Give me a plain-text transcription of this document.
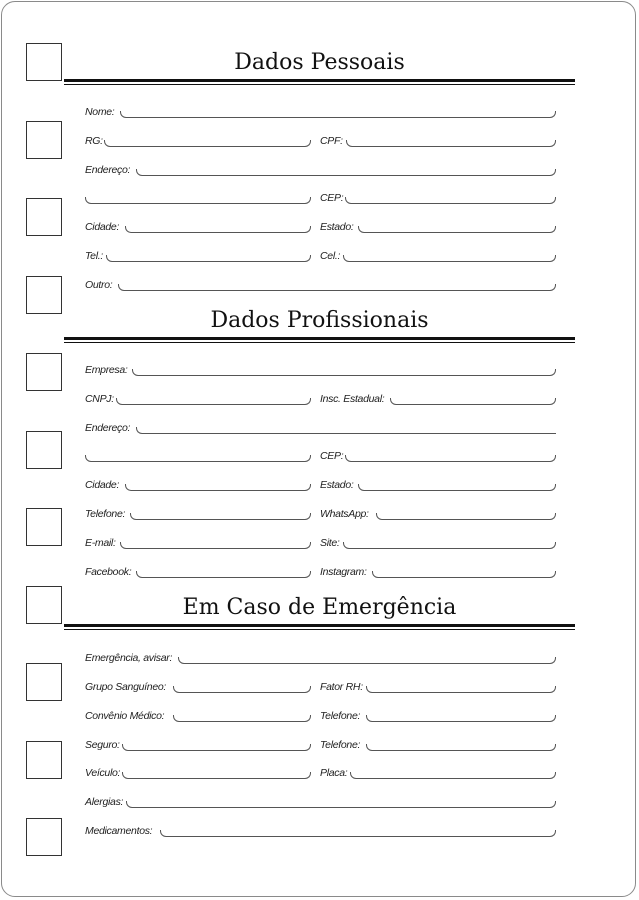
Dados Pessoais
Nome:
RG:	CPF:
Endereço:
CEP:
Cidade:	Estado:
Tel.:	Cel.:
Outro:
Dados Profissionais
Empresa:
CNPJ:	Insc. Estadual:
Endereço:
CEP:
Cidade:	Estado:
Telefone:	WhatsApp:
E-mail:	Site:
Facebook:	Instagram:
Em Caso de Emergência
Emergência, avisar:
Grupo Sanguíneo:	Fator RH:
Convênio Médico:	Telefone:
Seguro:	Telefone:
Veículo:	Placa:
Alergias:
Medicamentos:
